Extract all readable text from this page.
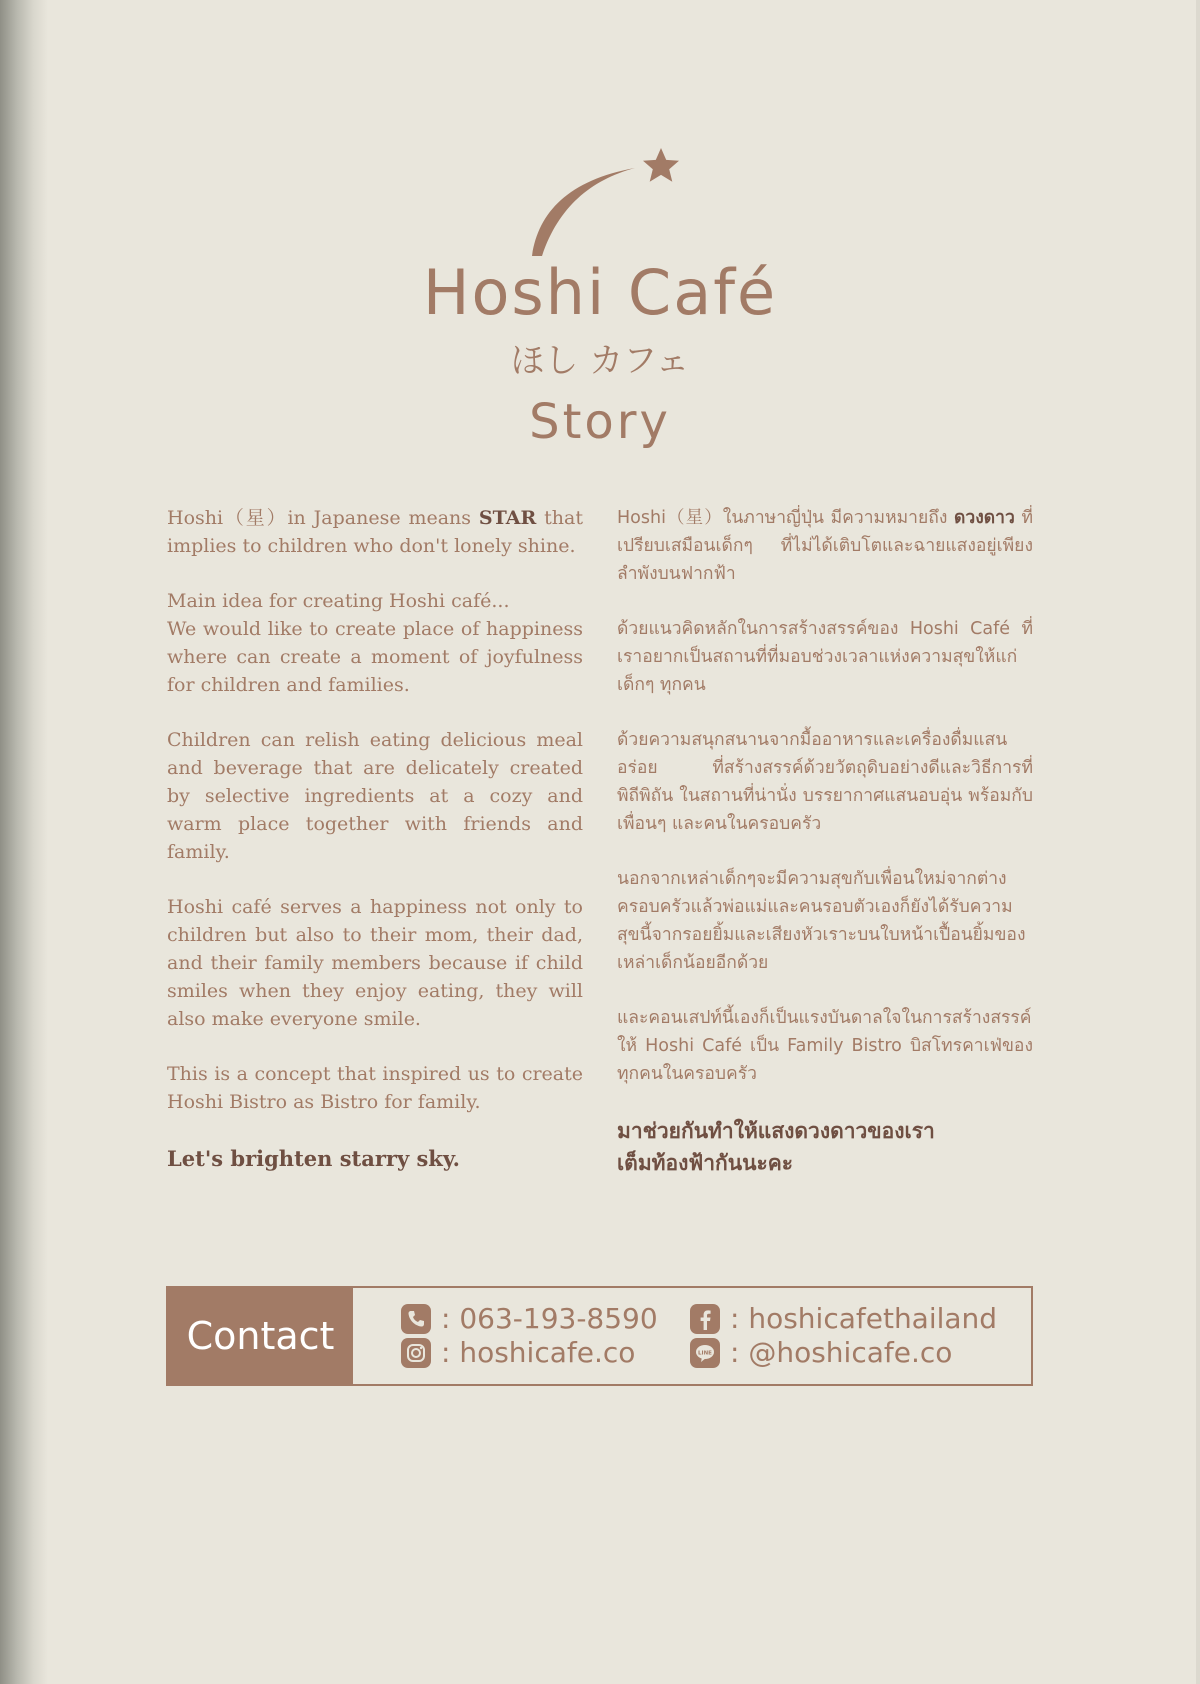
Hoshi Café
ほし カフェ
Story

Hoshi（星）in Japanese means STAR that implies to children who don't lonely shine.

Main idea for creating Hoshi café...
We would like to create place of happiness where can create a moment of joyfulness for children and families.

Children can relish eating delicious meal and beverage that are delicately created by selective ingredients at a cozy and warm place together with friends and family.

Hoshi café serves a happiness not only to children but also to their mom, their dad, and their family members because if child smiles when they enjoy eating, they will also make everyone smile.

This is a concept that inspired us to create Hoshi Bistro as Bistro for family.

Let's brighten starry sky.

Hoshi（星）ในภาษาญี่ปุ่น มีความหมายถึง ดวงดาว ที่เปรียบเสมือนเด็กๆ ที่ไม่ได้เติบโตและฉายแสงอยู่เพียงลำพังบนฟากฟ้า

ด้วยแนวคิดหลักในการสร้างสรรค์ของ Hoshi Café ที่เราอยากเป็นสถานที่ที่มอบช่วงเวลาแห่งความสุขให้แก่เด็กๆ ทุกคน

ด้วยความสนุกสนานจากมื้ออาหารและเครื่องดื่มแสนอร่อย ที่สร้างสรรค์ด้วยวัตถุดิบอย่างดีและวิธีการที่พิถีพิถัน ในสถานที่น่านั่ง บรรยากาศแสนอบอุ่น พร้อมกับเพื่อนๆ และคนในครอบครัว

นอกจากเหล่าเด็กๆจะมีความสุขกับเพื่อนใหม่จากต่างครอบครัวแล้วพ่อแม่และคนรอบตัวเองก็ยังได้รับความสุขนี้จากรอยยิ้มและเสียงหัวเราะบนใบหน้าเปื้อนยิ้มของเหล่าเด็กน้อยอีกด้วย

และคอนเสปท์นี้เองก็เป็นแรงบันดาลใจในการสร้างสรรค์ให้ Hoshi Café เป็น Family Bistro บิสโทรคาเฟ่ของทุกคนในครอบครัว

มาช่วยกันทำให้แสงดวงดาวของเรา
เต็มท้องฟ้ากันนะคะ

Contact	: 063-193-8590
: hoshicafe.co
: hoshicafethailand
LINE : @hoshicafe.co
